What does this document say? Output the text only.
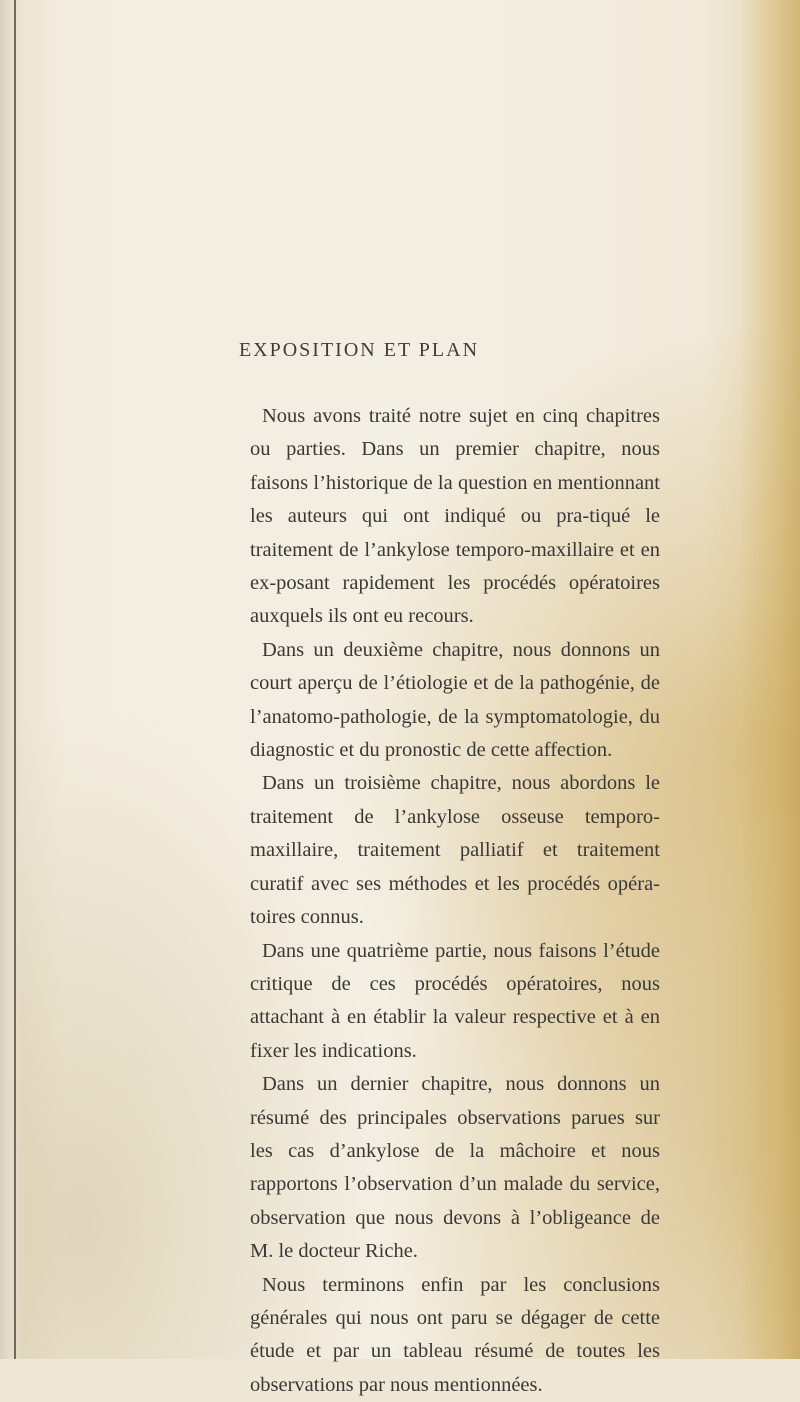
EXPOSITION ET PLAN

Nous avons traité notre sujet en cinq chapitres ou parties. Dans un premier chapitre, nous faisons l’historique de la question en mentionnant les auteurs qui ont indiqué ou pra-tiqué le traitement de l’ankylose temporo-maxillaire et en ex-posant rapidement les procédés opératoires auxquels ils ont eu recours.

Dans un deuxième chapitre, nous donnons un court aperçu de l’étiologie et de la pathogénie, de l’anatomo-pathologie, de la symptomatologie, du diagnostic et du pronostic de cette affection.

Dans un troisième chapitre, nous abordons le traitement de l’ankylose osseuse temporo-maxillaire, traitement palliatif et traitement curatif avec ses méthodes et les procédés opéra-toires connus.

Dans une quatrième partie, nous faisons l’étude critique de ces procédés opératoires, nous attachant à en établir la valeur respective et à en fixer les indications.

Dans un dernier chapitre, nous donnons un résumé des principales observations parues sur les cas d’ankylose de la mâchoire et nous rapportons l’observation d’un malade du service, observation que nous devons à l’obligeance de M. le docteur Riche.

Nous terminons enfin par les conclusions générales qui nous ont paru se dégager de cette étude et par un tableau résumé de toutes les observations par nous mentionnées.
